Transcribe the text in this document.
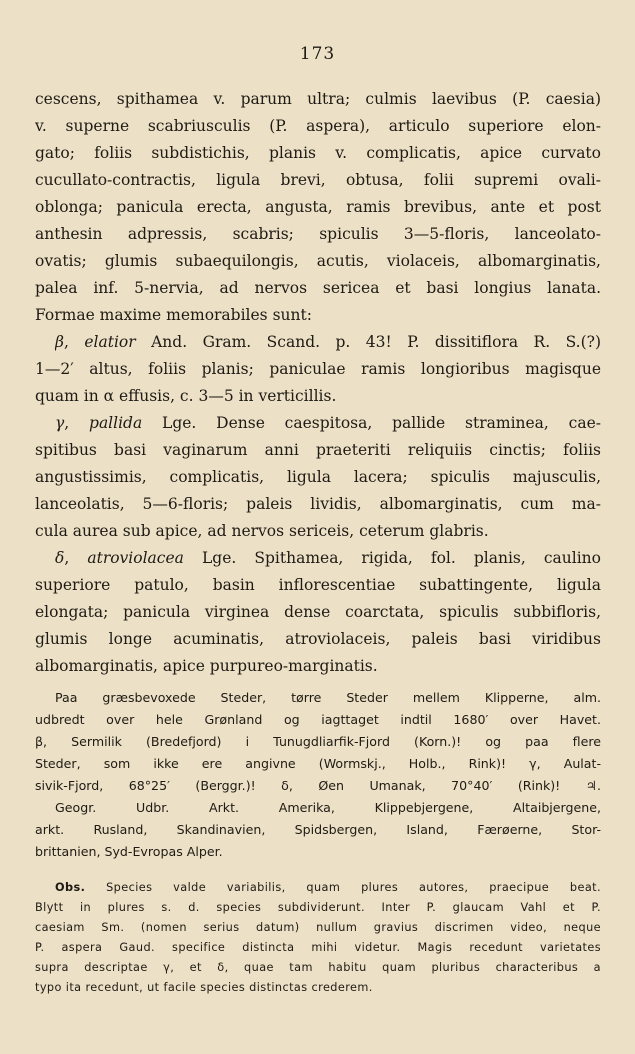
173
cescens, spithamea v. parum ultra; culmis laevibus (P. caesia)
v. superne scabriusculis (P. aspera), articulo superiore elon-
gato; foliis subdistichis, planis v. complicatis, apice curvato
cucullato-contractis, ligula brevi, obtusa, folii supremi ovali-
oblonga; panicula erecta, angusta, ramis brevibus, ante et post
anthesin adpressis, scabris; spiculis 3—5-floris, lanceolato-
ovatis; glumis subaequilongis, acutis, violaceis, albomarginatis,
palea inf. 5-nervia, ad nervos sericea et basi longius lanata.
Formae maxime memorabiles sunt:
β, elatior And. Gram. Scand. p. 43! P. dissitiflora R. S.(?)
1—2′ altus, foliis planis; paniculae ramis longioribus magisque
quam in α effusis, c. 3—5 in verticillis.
γ, pallida Lge. Dense caespitosa, pallide straminea, cae-
spitibus basi vaginarum anni praeteriti reliquiis cinctis; foliis
angustissimis, complicatis, ligula lacera; spiculis majusculis,
lanceolatis, 5—6-floris; paleis lividis, albomarginatis, cum ma-
cula aurea sub apice, ad nervos sericeis, ceterum glabris.
δ, atroviolacea Lge. Spithamea, rigida, fol. planis, caulino
superiore patulo, basin inflorescentiae subattingente, ligula
elongata; panicula virginea dense coarctata, spiculis subbifloris,
glumis longe acuminatis, atroviolaceis, paleis basi viridibus
albomarginatis, apice purpureo-marginatis.
Paa græsbevoxede Steder, tørre Steder mellem Klipperne, alm.
udbredt over hele Grønland og iagttaget indtil 1680′ over Havet.
β, Sermilik (Bredefjord) i Tunugdliarfik-Fjord (Korn.)! og paa flere
Steder, som ikke ere angivne (Wormskj., Holb., Rink)! γ, Aulat-
sivik-Fjord, 68°25′ (Berggr.)! δ, Øen Umanak, 70°40′ (Rink)! ♃.
Geogr. Udbr. Arkt. Amerika, Klippebjergene, Altaibjergene,
arkt. Rusland, Skandinavien, Spidsbergen, Island, Færøerne, Stor-
brittanien, Syd-Evropas Alper.
Obs. Species valde variabilis, quam plures autores, praecipue beat.
Blytt in plures s. d. species subdividerunt. Inter P. glaucam Vahl et P.
caesiam Sm. (nomen serius datum) nullum gravius discrimen video, neque
P. aspera Gaud. specifice distincta mihi videtur. Magis recedunt varietates
supra descriptae γ, et δ, quae tam habitu quam pluribus characteribus a
typo ita recedunt, ut facile species distinctas crederem.
